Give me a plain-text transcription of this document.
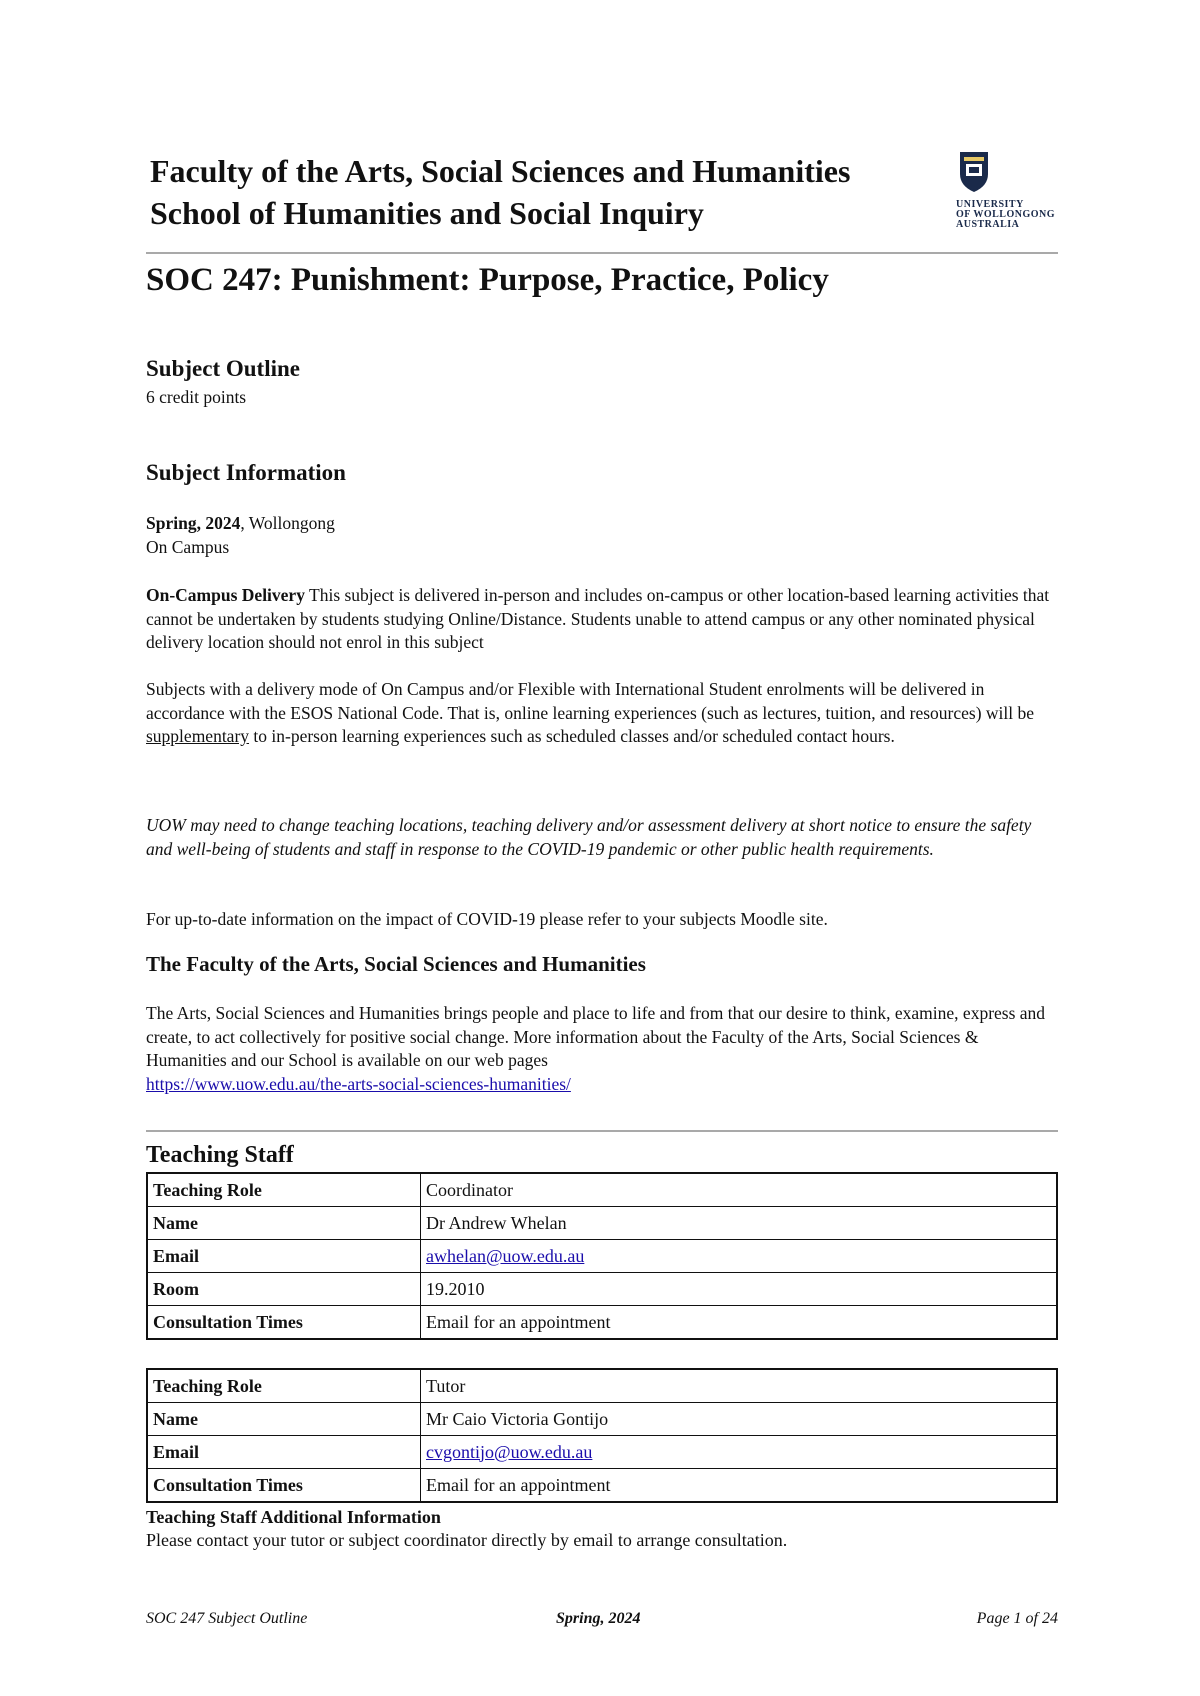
Faculty of the Arts, Social Sciences and Humanities
School of Humanities and Social Inquiry	UNIVERSITY
OF WOLLONGONG
AUSTRALIA
SOC 247: Punishment: Purpose, Practice, Policy
Subject Outline

6 credit points

Subject Information

Spring, 2024, Wollongong
On Campus

On-Campus Delivery This subject is delivered in-person and includes on-campus or other location-based learning activities that cannot be undertaken by students studying Online/Distance. Students unable to attend campus or any other nominated physical delivery location should not enrol in this subject

Subjects with a delivery mode of On Campus and/or Flexible with International Student enrolments will be delivered in accordance with the ESOS National Code. That is, online learning experiences (such as lectures, tuition, and resources) will be supplementary to in-person learning experiences such as scheduled classes and/or scheduled contact hours.

UOW may need to change teaching locations, teaching delivery and/or assessment delivery at short notice to ensure the safety and well-being of students and staff in response to the COVID-19 pandemic or other public health requirements.

For up-to-date information on the impact of COVID-19 please refer to your subjects Moodle site.

The Faculty of the Arts, Social Sciences and Humanities

The Arts, Social Sciences and Humanities brings people and place to life and from that our desire to think, examine, express and create, to act collectively for positive social change. More information about the Faculty of the Arts, Social Sciences & Humanities and our School is available on our web pages
https://www.uow.edu.au/the-arts-social-sciences-humanities/

Teaching Staff
Teaching Role	Coordinator
Name	Dr Andrew Whelan
Email	awhelan@uow.edu.au
Room	19.2010
Consultation Times	Email for an appointment
Teaching Role	Tutor
Name	Mr Caio Victoria Gontijo
Email	cvgontijo@uow.edu.au
Consultation Times	Email for an appointment

Teaching Staff Additional Information
Please contact your tutor or subject coordinator directly by email to arrange consultation.

SOC 247 Subject Outline	Spring, 2024	Page 1 of 24
